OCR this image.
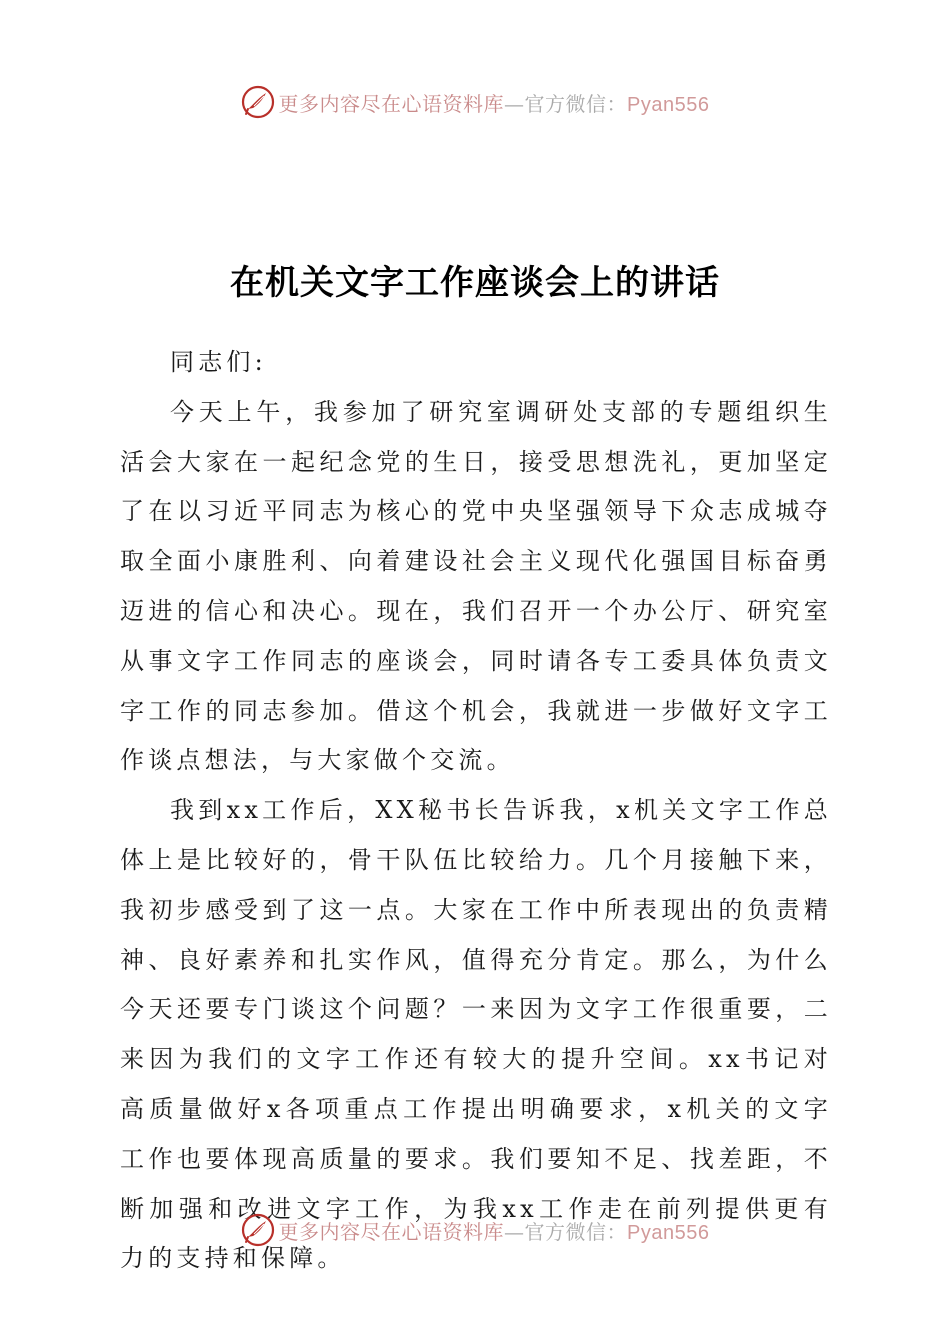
更多内容尽在心语资料库—官方微信：Pyan556
在机关文字工作座谈会上的讲话

同志们:

今天上午，我参加了研究室调研处支部的专题组织生活会大家在一起纪念党的生日，接受思想洗礼，更加坚定了在以习近平同志为核心的党中央坚强领导下众志成城夺取全面小康胜利、向着建设社会主义现代化强国目标奋勇迈进的信心和决心。现在，我们召开一个办公厅、研究室从事文字工作同志的座谈会，同时请各专工委具体负责文字工作的同志参加。借这个机会，我就进一步做好文字工作谈点想法，与大家做个交流。

我到xx工作后，XX秘书长告诉我，x机关文字工作总体上是比较好的，骨干队伍比较给力。几个月接触下来，我初步感受到了这一点。大家在工作中所表现出的负责精神、良好素养和扎实作风，值得充分肯定。那么，为什么今天还要专门谈这个问题？一来因为文字工作很重要，二来因为我们的文字工作还有较大的提升空间。xx书记对高质量做好x各项重点工作提出明确要求，x机关的文字工作也要体现高质量的要求。我们要知不足、找差距，不断加强和改进文字工作，为我xx工作走在前列提供更有力的支持和保障。

更多内容尽在心语资料库—官方微信：Pyan556
